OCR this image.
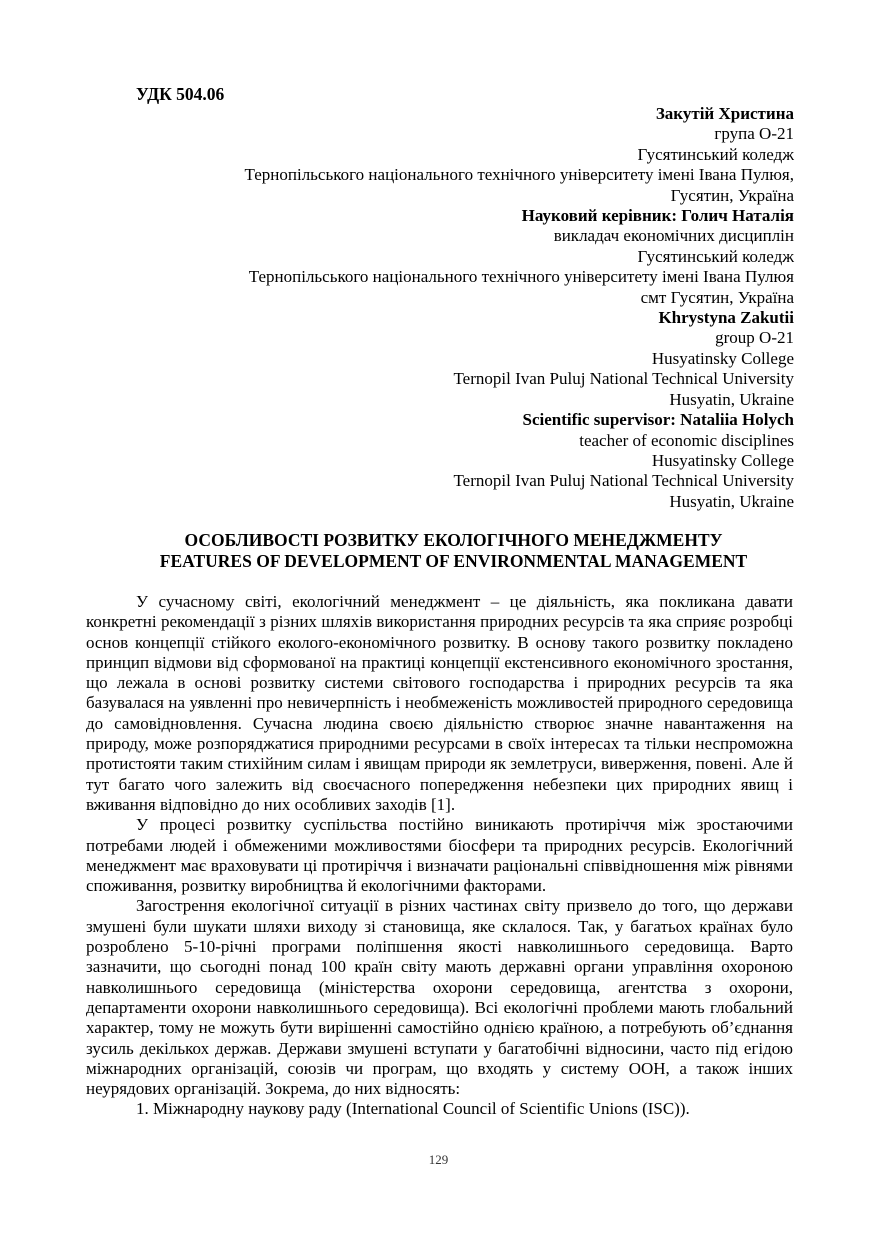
УДК 504.06
Закутій Христина
група О-21
Гусятинський коледж
Тернопільського національного технічного університету імені Івана Пулюя,
Гусятин, Україна
Науковий керівник: Голич Наталія
викладач економічних дисциплін
Гусятинський коледж
Тернопільського національного технічного університету імені Івана Пулюя
смт Гусятин, Україна
Khrystyna Zakutii
group О-21
Husyatinsky College
Ternopil Ivan Puluj National Technical University
Husyatin, Ukraine
Scientific supervisor: Nataliia Holych
teacher of economic disciplines
Husyatinsky College
Ternopil Ivan Puluj National Technical University
Husyatin, Ukraine
ОСОБЛИВОСТІ РОЗВИТКУ ЕКОЛОГІЧНОГО МЕНЕДЖМЕНТУ
FEATURES OF DEVELOPMENT OF ENVIRONMENTAL MANAGEMENT

У сучасному світі, екологічний менеджмент – це діяльність, яка покликана давати конкретні рекомендації з різних шляхів використання природних ресурсів та яка сприяє розробці основ концепції стійкого еколого-економічного розвитку. В основу такого розвитку покладено принцип відмови від сформованої на практиці концепції екстенсивного економічного зростання, що лежала в основі розвитку системи світового господарства і природних ресурсів та яка базувалася на уявленні про невичерпність і необмеженість можливостей природного середовища до самовідновлення. Сучасна людина своєю діяльністю створює значне навантаження на природу, може розпоряджатися природними ресурсами в своїх інтересах та тільки неспроможна протистояти таким стихійним силам і явищам природи як землетруси, виверження, повені. Але й тут багато чого залежить від своєчасного попередження небезпеки цих природних явищ і вживання відповідно до них особливих заходів [1].

У процесі розвитку суспільства постійно виникають протиріччя між зростаючими потребами людей і обмеженими можливостями біосфери та природних ресурсів. Екологічний менеджмент має враховувати ці протиріччя і визначати раціональні співвідношення між рівнями споживання, розвитку виробництва й екологічними факторами.

Загострення екологічної ситуації в різних частинах світу призвело до того, що держави змушені були шукати шляхи виходу зі становища, яке склалося. Так, у багатьох країнах було розроблено 5-10-річні програми поліпшення якості навколишнього середовища. Варто зазначити, що сьогодні понад 100 країн світу мають державні органи управління охороною навколишнього середовища (міністерства охорони середовища, агентства з охорони, департаменти охорони навколишнього середовища). Всі екологічні проблеми мають глобальний характер, тому не можуть бути вирішенні самостійно однією країною, а потребують об’єднання зусиль декількох держав. Держави змушені вступати у багатобічні відносини, часто під егідою міжнародних організацій, союзів чи програм, що входять у систему ООН, а також інших неурядових організацій. Зокрема, до них відносять:

1. Міжнародну наукову раду (International Council of Scientific Unions (ISC)).
129
